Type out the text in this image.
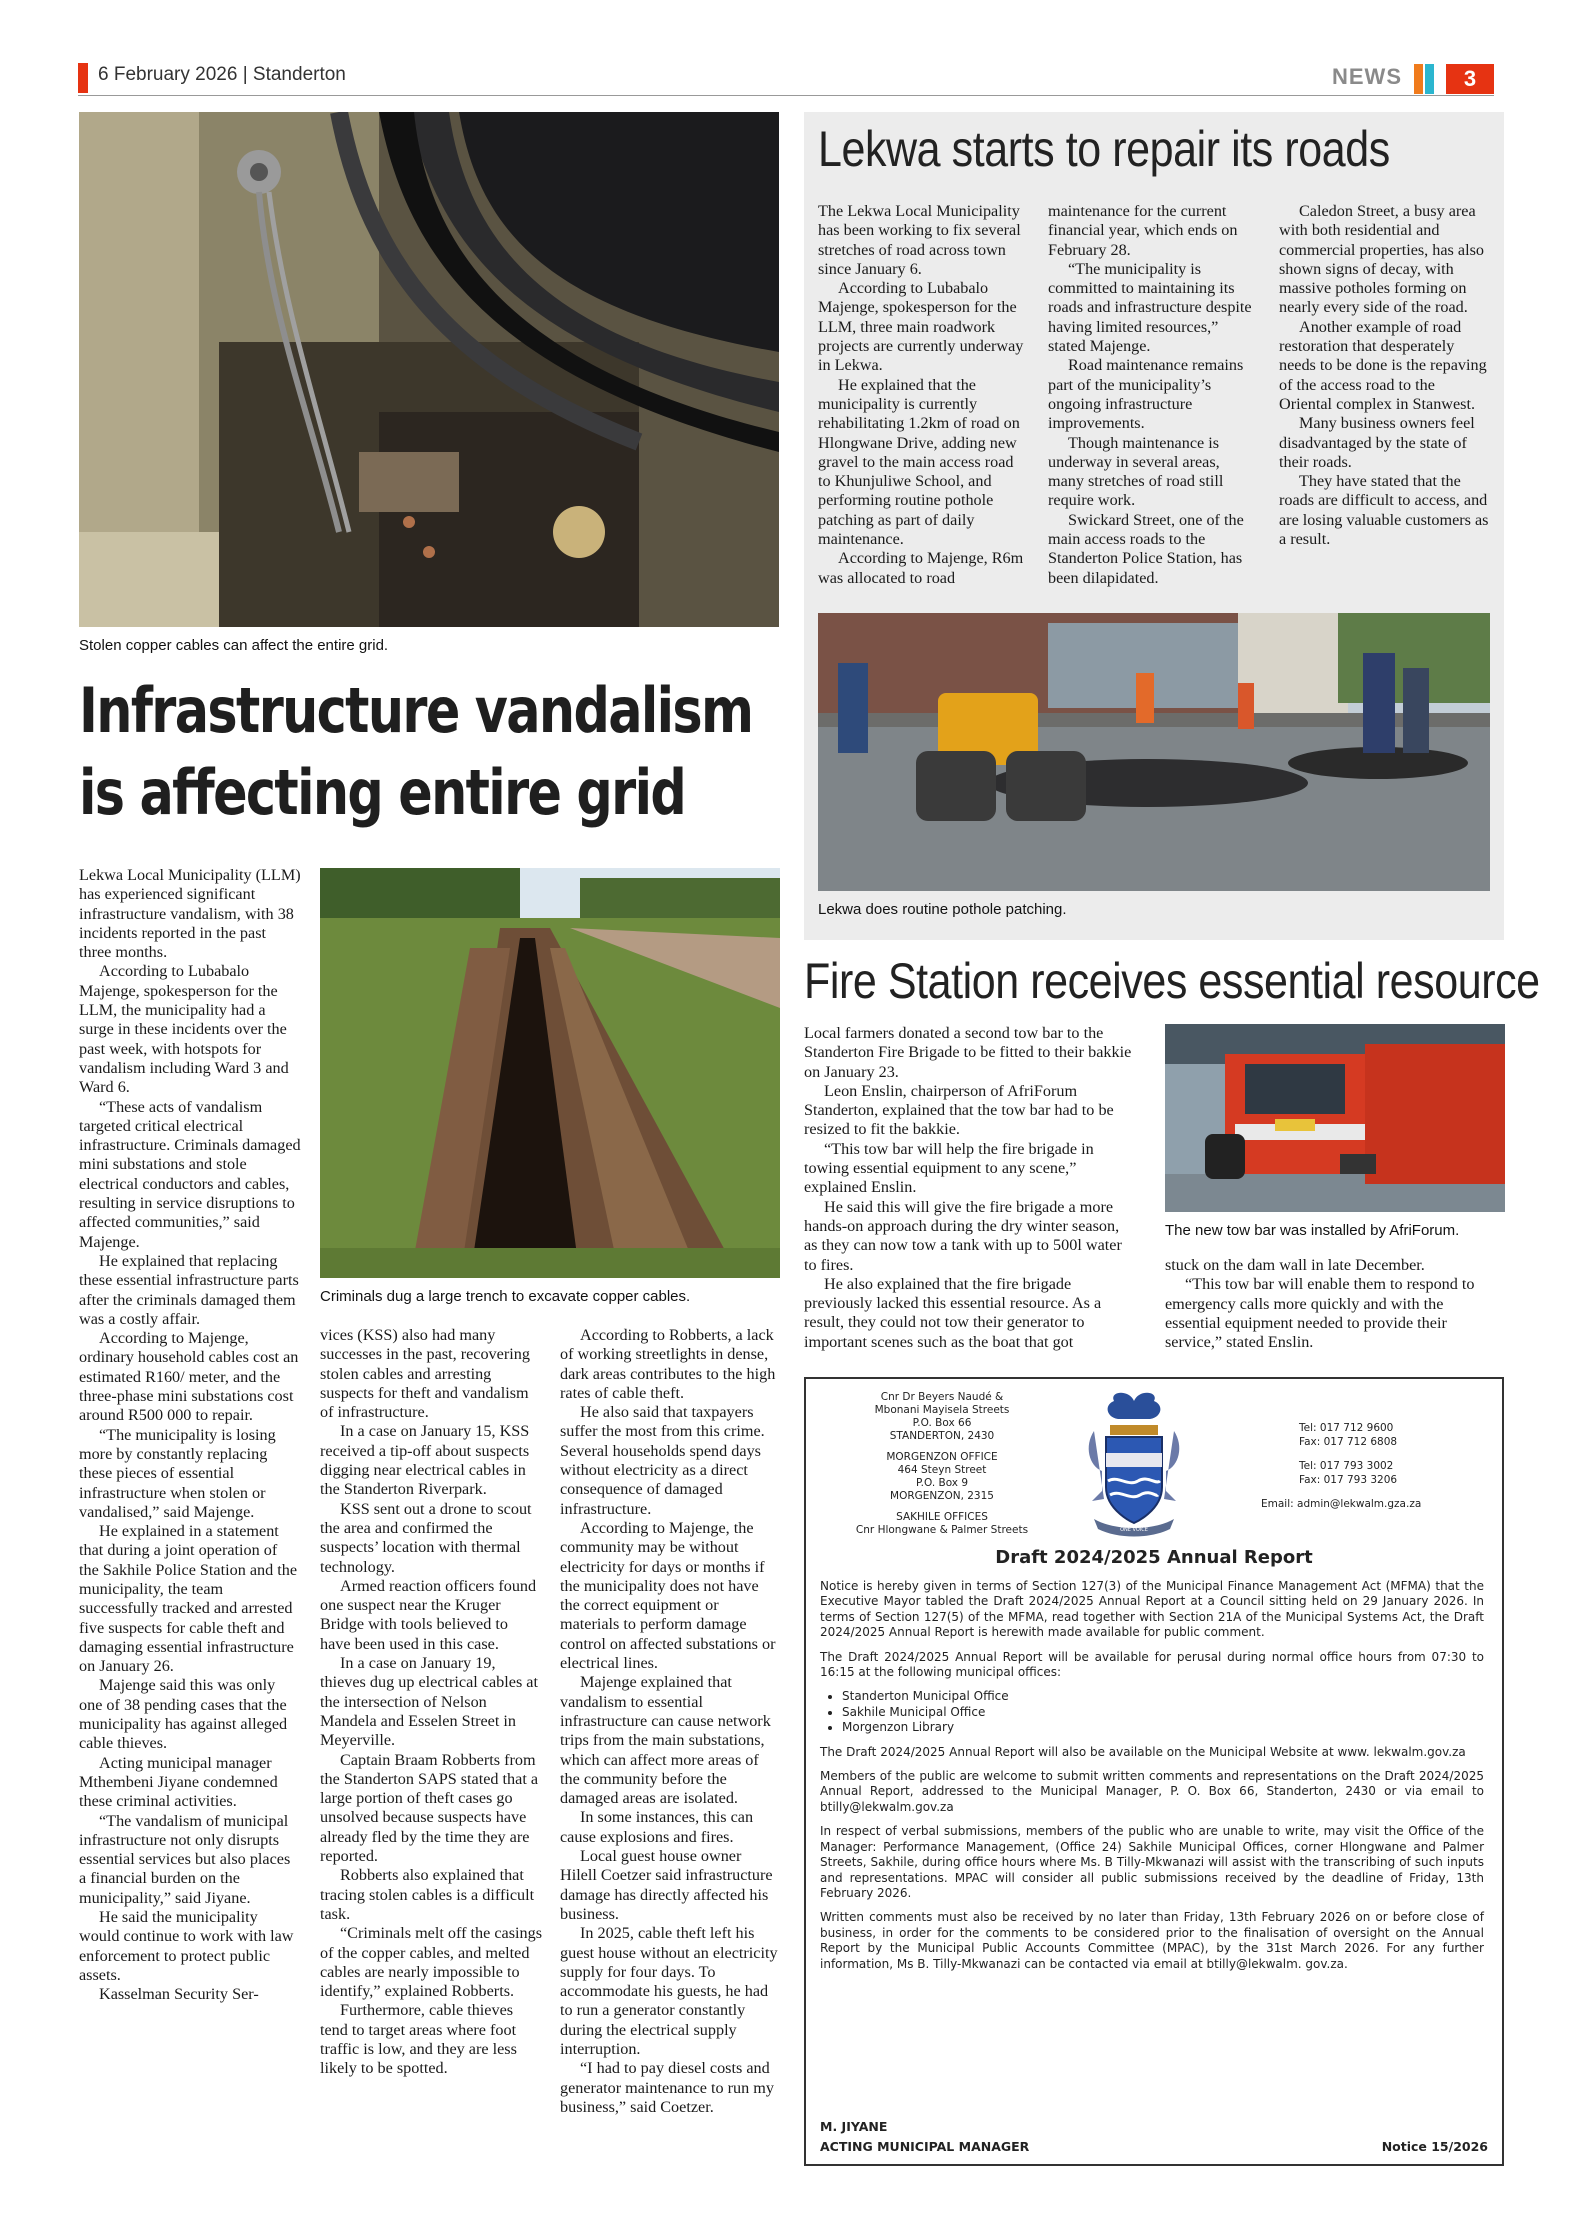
6 February 2026 | Standerton	NEWS	3
Stolen copper cables can affect the entire grid.
Infrastructure vandalism
is affecting entire grid
Criminals dug a large trench to excavate copper cables.

Lekwa Local Municipality (LLM) has experienced significant infrastructure vandalism, with 38 incidents reported in the past three months.

According to Lubabalo Majenge, spokesperson for the LLM, the municipality had a surge in these incidents over the past week, with hotspots for vandalism including Ward 3 and Ward 6.

“These acts of vandalism targeted critical electrical infrastructure. Criminals damaged mini substations and stole electrical conductors and cables, resulting in service disruptions to affected communities,” said Majenge.

He explained that replacing these essential infrastructure parts after the criminals damaged them was a costly affair.

According to Majenge, ordinary household cables cost an estimated R160/ meter, and the three-phase mini substations cost around R500 000 to repair.

“The municipality is losing more by constantly replacing these pieces of essential infrastructure when stolen or vandalised,” said Majenge.

He explained in a statement that during a joint operation of the Sakhile Police Station and the municipality, the team successfully tracked and arrested five suspects for cable theft and damaging essential infrastructure on January 26.

Majenge said this was only one of 38 pending cases that the municipality has against alleged cable thieves.

Acting municipal manager Mthembeni Jiyane condemned these criminal activities.

“The vandalism of municipal infrastructure not only disrupts essential services but also places a financial burden on the municipality,” said Jiyane.

He said the municipality would continue to work with law enforcement to protect public assets.

Kasselman Security Ser-

vices (KSS) also had many successes in the past, recovering stolen cables and arresting suspects for theft and vandalism of infrastructure.

In a case on January 15, KSS received a tip-off about suspects digging near electrical cables in the Standerton Riverpark.

KSS sent out a drone to scout the area and confirmed the suspects’ location with thermal technology.

Armed reaction officers found one suspect near the Kruger Bridge with tools believed to have been used in this case.

In a case on January 19, thieves dug up electrical cables at the intersection of Nelson Mandela and Esselen Street in Meyerville.

Captain Braam Robberts from the Standerton SAPS stated that a large portion of theft cases go unsolved because suspects have already fled by the time they are reported.

Robberts also explained that tracing stolen cables is a difficult task.

“Criminals melt off the casings of the copper cables, and melted cables are nearly impossible to identify,” explained Robberts.

Furthermore, cable thieves tend to target areas where foot traffic is low, and they are less likely to be spotted.

According to Robberts, a lack of working streetlights in dense, dark areas contributes to the high rates of cable theft.

He also said that taxpayers suffer the most from this crime. Several households spend days without electricity as a direct consequence of damaged infrastructure.

According to Majenge, the community may be without electricity for days or months if the municipality does not have the correct equipment or materials to perform damage control on affected substations or electrical lines.

Majenge explained that vandalism to essential infrastructure can cause network trips from the main substations, which can affect more areas of the community before the damaged areas are isolated.

In some instances, this can cause explosions and fires.

Local guest house owner Hilell Coetzer said infrastructure damage has directly affected his business.

In 2025, cable theft left his guest house without an electricity supply for four days. To accommodate his guests, he had to run a generator constantly during the electrical supply interruption.

“I had to pay diesel costs and generator maintenance to run my business,” said Coetzer.

Lekwa starts to repair its roads

The Lekwa Local Municipality has been working to fix several stretches of road across town since January 6.

According to Lubabalo Majenge, spokesperson for the LLM, three main roadwork projects are currently underway in Lekwa.

He explained that the municipality is currently rehabilitating 1.2km of road on Hlongwane Drive, adding new gravel to the main access road to Khunjuliwe School, and performing routine pothole patching as part of daily maintenance.

According to Majenge, R6m was allocated to road

maintenance for the current financial year, which ends on February 28.

“The municipality is committed to maintaining its roads and infrastructure despite having limited resources,” stated Majenge.

Road maintenance remains part of the municipality’s ongoing infrastructure improvements.

Though maintenance is underway in several areas, many stretches of road still require work.

Swickard Street, one of the main access roads to the Standerton Police Station, has been dilapidated.

Caledon Street, a busy area with both residential and commercial properties, has also shown signs of decay, with massive potholes forming on nearly every side of the road.

Another example of road restoration that desperately needs to be done is the repaving of the access road to the Oriental complex in Stanwest.

Many business owners feel disadvantaged by the state of their roads.

They have stated that the roads are difficult to access, and are losing valuable customers as a result.

Lekwa does routine pothole patching.
Fire Station receives essential resource

Local farmers donated a second tow bar to the Standerton Fire Brigade to be fitted to their bakkie on January 23.

Leon Enslin, chairperson of AfriForum Standerton, explained that the tow bar had to be resized to fit the bakkie.

“This tow bar will help the fire brigade in towing essential equipment to any scene,” explained Enslin.

He said this will give the fire brigade a more hands-on approach during the dry winter season, as they can now tow a tank with up to 500l water to fires.

He also explained that the fire brigade previously lacked this essential resource. As a result, they could not tow their generator to important scenes such as the boat that got

The new tow bar was installed by AfriForum.

stuck on the dam wall in late December.

“This tow bar will enable them to respond to emergency calls more quickly and with the essential equipment needed to provide their service,” stated Enslin.

Cnr Dr Beyers Naudé &
Mbonani Mayisela Streets
P.O. Box 66
STANDERTON, 2430
MORGENZON OFFICE
464 Steyn Street
P.O. Box 9
MORGENZON, 2315
SAKHILE OFFICES
Cnr Hlongwane & Palmer Streets	ONE VOICE
Tel: 017 712 9600
Fax: 017 712 6808
Tel: 017 793 3002
Fax: 017 793 3206
Email: admin@lekwalm.gza.za
Draft 2024/2025 Annual Report

Notice is hereby given in terms of Section 127(3) of the Municipal Finance Management Act (MFMA) that the Executive Mayor tabled the Draft 2024/2025 Annual Report at a Council sitting held on 29 January 2026. In terms of Section 127(5) of the MFMA, read together with Section 21A of the Municipal Systems Act, the Draft 2024/2025 Annual Report is herewith made available for public comment.

The Draft 2024/2025 Annual Report will be available for perusal during normal office hours from 07:30 to 16:15 at the following municipal offices:

• Standerton Municipal Office
• Sakhile Municipal Office
• Morgenzon Library

The Draft 2024/2025 Annual Report will also be available on the Municipal Website at www. lekwalm.gov.za

Members of the public are welcome to submit written comments and representations on the Draft 2024/2025 Annual Report, addressed to the Municipal Manager, P. O. Box 66, Standerton, 2430 or via email to btilly@lekwalm.gov.za

In respect of verbal submissions, members of the public who are unable to write, may visit the Office of the Manager: Performance Management, (Office 24) Sakhile Municipal Offices, corner Hlongwane and Palmer Streets, Sakhile, during office hours where Ms. B Tilly-Mkwanazi will assist with the transcribing of such inputs and representations. MPAC will consider all public submissions received by the deadline of Friday, 13th February 2026.

Written comments must also be received by no later than Friday, 13th February 2026 on or before close of business, in order for the comments to be considered prior to the finalisation of oversight on the Annual Report by the Municipal Public Accounts Committee (MPAC), by the 31st March 2026. For any further information, Ms B. Tilly-Mkwanazi can be contacted via email at btilly@lekwalm. gov.za.

M. JIYANE
ACTING MUNICIPAL MANAGER	Notice 15/2026
